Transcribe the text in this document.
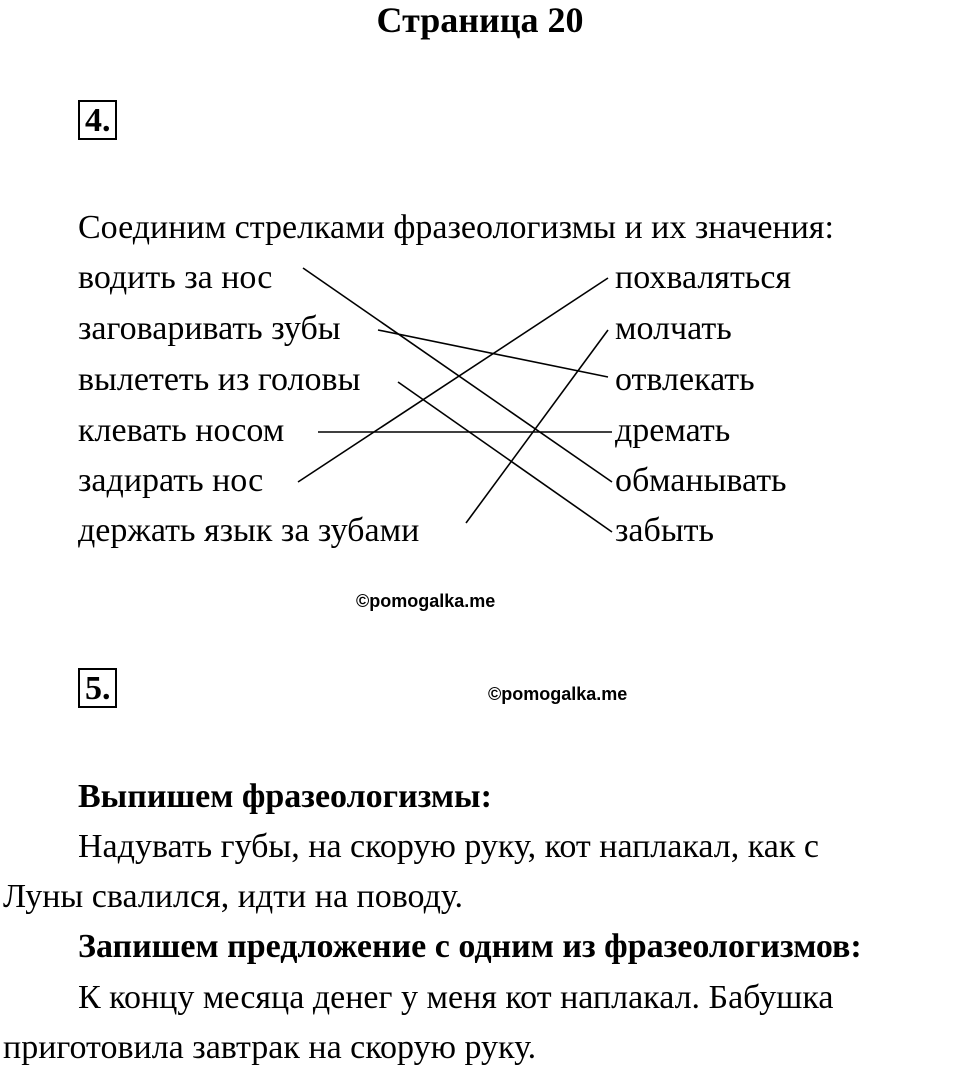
Страница 20
4.
Соединим стрелками фразеологизмы и их значения:
водить за нос
заговаривать зубы
вылететь из головы
клевать носом
задирать нос
держать язык за зубами
похваляться
молчать
отвлекать
дремать
обманывать
забыть
©pomogalka.me
5.	©pomogalka.me
Выпишем фразеологизмы:
Надувать губы, на скорую руку, кот наплакал, как с
Луны свалился, идти на поводу.
Запишем предложение с одним из фразеологизмов:
К концу месяца денег у меня кот наплакал. Бабушка
приготовила завтрак на скорую руку.
